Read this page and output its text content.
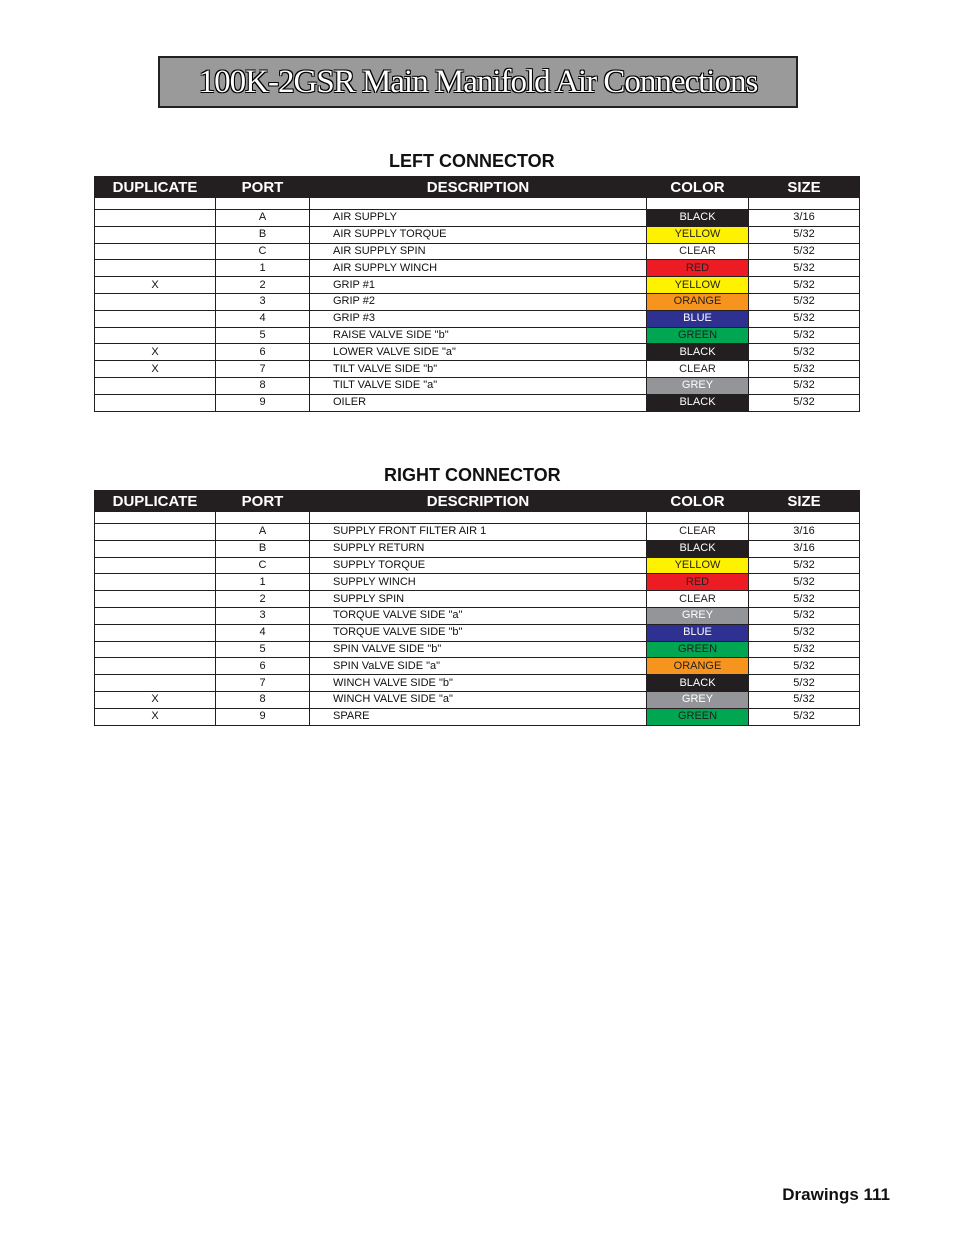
100K-2GSR Main Manifold Air Connections
LEFT CONNECTOR
DUPLICATE	PORT	DESCRIPTION	COLOR	SIZE

	A	AIR SUPPLY	BLACK	3/16
	B	AIR SUPPLY TORQUE	YELLOW	5/32
	C	AIR SUPPLY SPIN	CLEAR	5/32
	1	AIR SUPPLY WINCH	RED	5/32
X	2	GRIP #1	YELLOW	5/32
	3	GRIP #2	ORANGE	5/32
	4	GRIP #3	BLUE	5/32
	5	RAISE VALVE SIDE "b"	GREEN	5/32
X	6	LOWER VALVE SIDE "a"	BLACK	5/32
X	7	TILT VALVE SIDE "b"	CLEAR	5/32
	8	TILT VALVE SIDE "a"	GREY	5/32
	9	OILER	BLACK	5/32
RIGHT CONNECTOR
DUPLICATE	PORT	DESCRIPTION	COLOR	SIZE

	A	SUPPLY FRONT FILTER AIR 1	CLEAR	3/16
	B	SUPPLY RETURN	BLACK	3/16
	C	SUPPLY TORQUE	YELLOW	5/32
	1	SUPPLY WINCH	RED	5/32
	2	SUPPLY SPIN	CLEAR	5/32
	3	TORQUE VALVE SIDE "a"	GREY	5/32
	4	TORQUE VALVE SIDE "b"	BLUE	5/32
	5	SPIN VALVE SIDE "b"	GREEN	5/32
	6	SPIN VaLVE SIDE "a"	ORANGE	5/32
	7	WINCH VALVE SIDE "b"	BLACK	5/32
X	8	WINCH VALVE SIDE "a"	GREY	5/32
X	9	SPARE	GREEN	5/32
Drawings 111
